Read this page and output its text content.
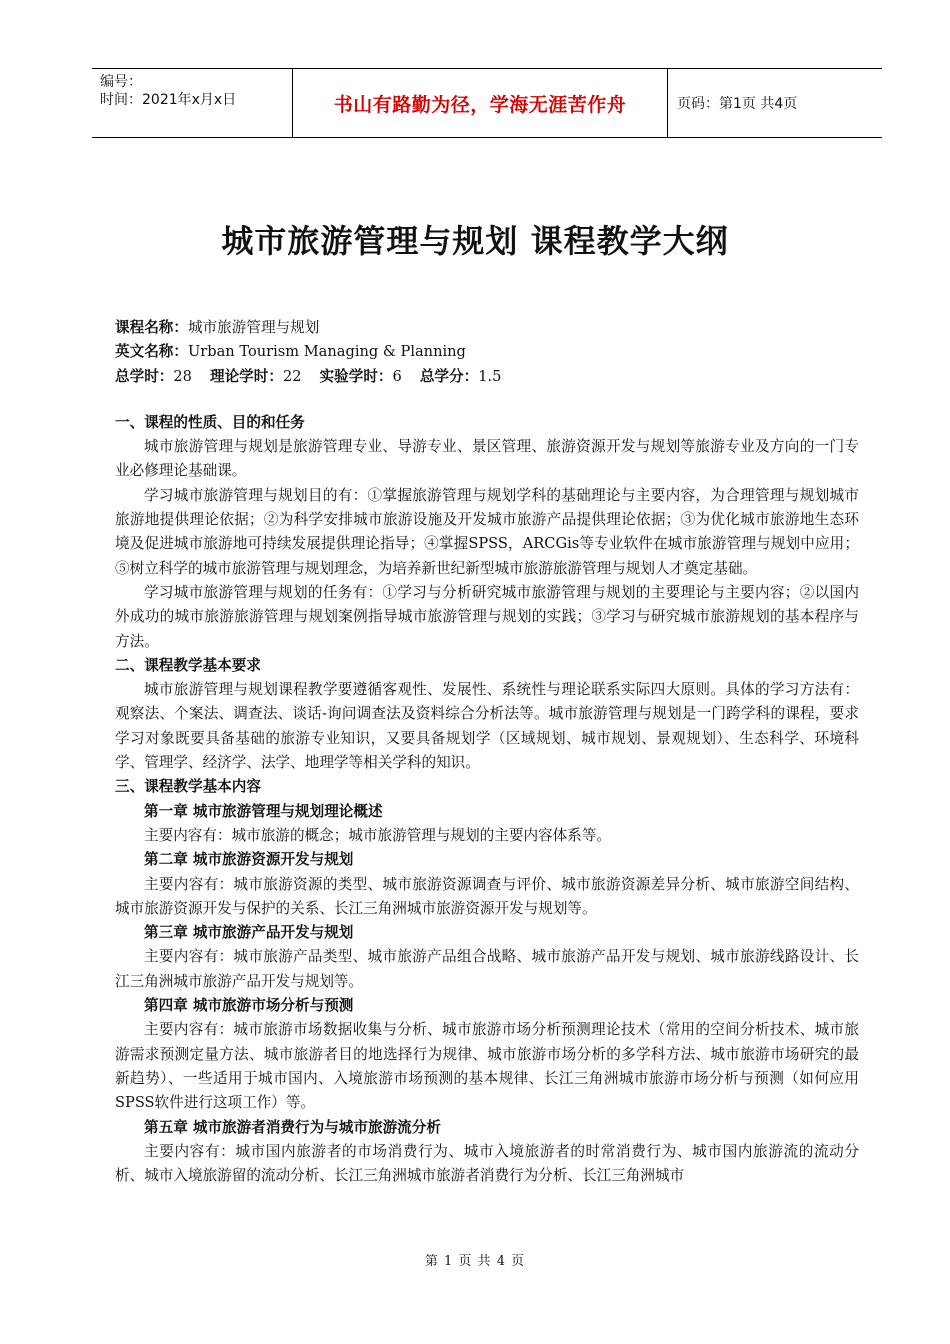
编号：
时间：2021年x月x日	书山有路勤为径，学海无涯苦作舟	页码：第1页 共4页
城市旅游管理与规划 课程教学大纲
课程名称：城市旅游管理与规划
英文名称：Urban Tourism Managing & Planning
总学时：28 理论学时：22 实验学时：6 总学分：1.5
一、课程的性质、目的和任务

城市旅游管理与规划是旅游管理专业、导游专业、景区管理、旅游资源开发与规划等旅游专业及方向的一门专业必修理论基础课。

学习城市旅游管理与规划目的有：①掌握旅游管理与规划学科的基础理论与主要内容，为合理管理与规划城市旅游地提供理论依据；②为科学安排城市旅游设施及开发城市旅游产品提供理论依据；③为优化城市旅游地生态环境及促进城市旅游地可持续发展提供理论指导；④掌握SPSS，ARCGis等专业软件在城市旅游管理与规划中应用；⑤树立科学的城市旅游管理与规划理念，为培养新世纪新型城市旅游旅游管理与规划人才奠定基础。

学习城市旅游管理与规划的任务有：①学习与分析研究城市旅游管理与规划的主要理论与主要内容；②以国内外成功的城市旅游旅游管理与规划案例指导城市旅游管理与规划的实践；③学习与研究城市旅游规划的基本程序与方法。

二、课程教学基本要求

城市旅游管理与规划课程教学要遵循客观性、发展性、系统性与理论联系实际四大原则。具体的学习方法有：观察法、个案法、调查法、谈话-询问调查法及资料综合分析法等。城市旅游管理与规划是一门跨学科的课程，要求学习对象既要具备基础的旅游专业知识，又要具备规划学（区域规划、城市规划、景观规划）、生态科学、环境科学、管理学、经济学、法学、地理学等相关学科的知识。

三、课程教学基本内容
第一章 城市旅游管理与规划理论概述

主要内容有：城市旅游的概念；城市旅游管理与规划的主要内容体系等。

第二章 城市旅游资源开发与规划

主要内容有：城市旅游资源的类型、城市旅游资源调查与评价、城市旅游资源差异分析、城市旅游空间结构、城市旅游资源开发与保护的关系、长江三角洲城市旅游资源开发与规划等。

第三章 城市旅游产品开发与规划

主要内容有：城市旅游产品类型、城市旅游产品组合战略、城市旅游产品开发与规划、城市旅游线路设计、长江三角洲城市旅游产品开发与规划等。

第四章 城市旅游市场分析与预测

主要内容有：城市旅游市场数据收集与分析、城市旅游市场分析预测理论技术（常用的空间分析技术、城市旅游需求预测定量方法、城市旅游者目的地选择行为规律、城市旅游市场分析的多学科方法、城市旅游市场研究的最新趋势）、一些适用于城市国内、入境旅游市场预测的基本规律、长江三角洲城市旅游市场分析与预测（如何应用SPSS软件进行这项工作）等。

第五章 城市旅游者消费行为与城市旅游流分析

主要内容有：城市国内旅游者的市场消费行为、城市入境旅游者的时常消费行为、城市国内旅游流的流动分析、城市入境旅游留的流动分析、长江三角洲城市旅游者消费行为分析、长江三角洲城市

第 1 页 共 4 页
